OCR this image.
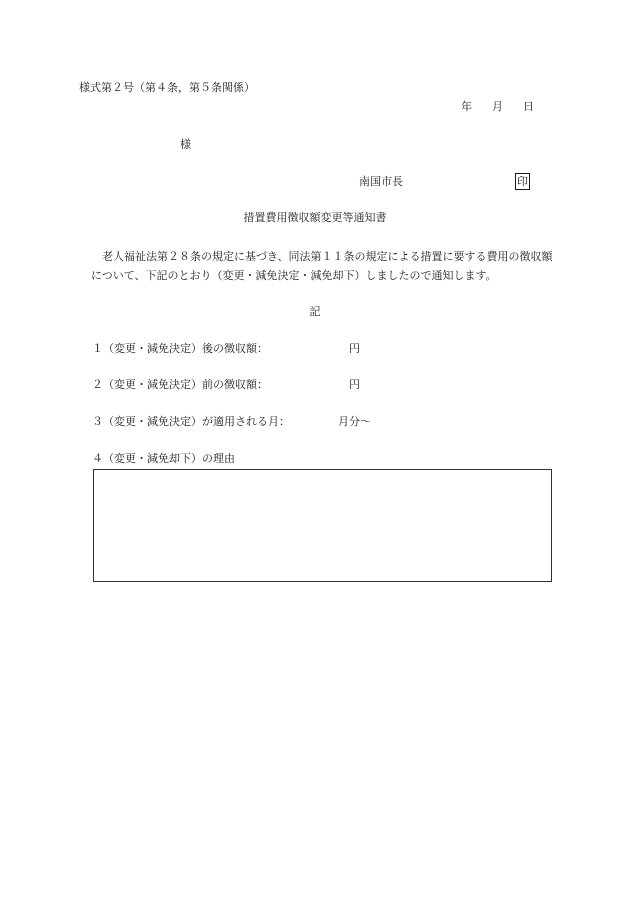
様式第２号（第４条，第５条関係）
年 月 日
様
南国市長	印
措置費用徴収額変更等通知書

老人福祉法第２８条の規定に基づき、同法第１１条の規定による措置に要する費用の徴収額について、下記のとおり（変更・減免決定・減免却下）しましたので通知します。

記
１（変更・減免決定）後の徴収額：	円
２（変更・減免決定）前の徴収額：	円
３（変更・減免決定）が適用される月：	月分～
４（変更・減免却下）の理由
